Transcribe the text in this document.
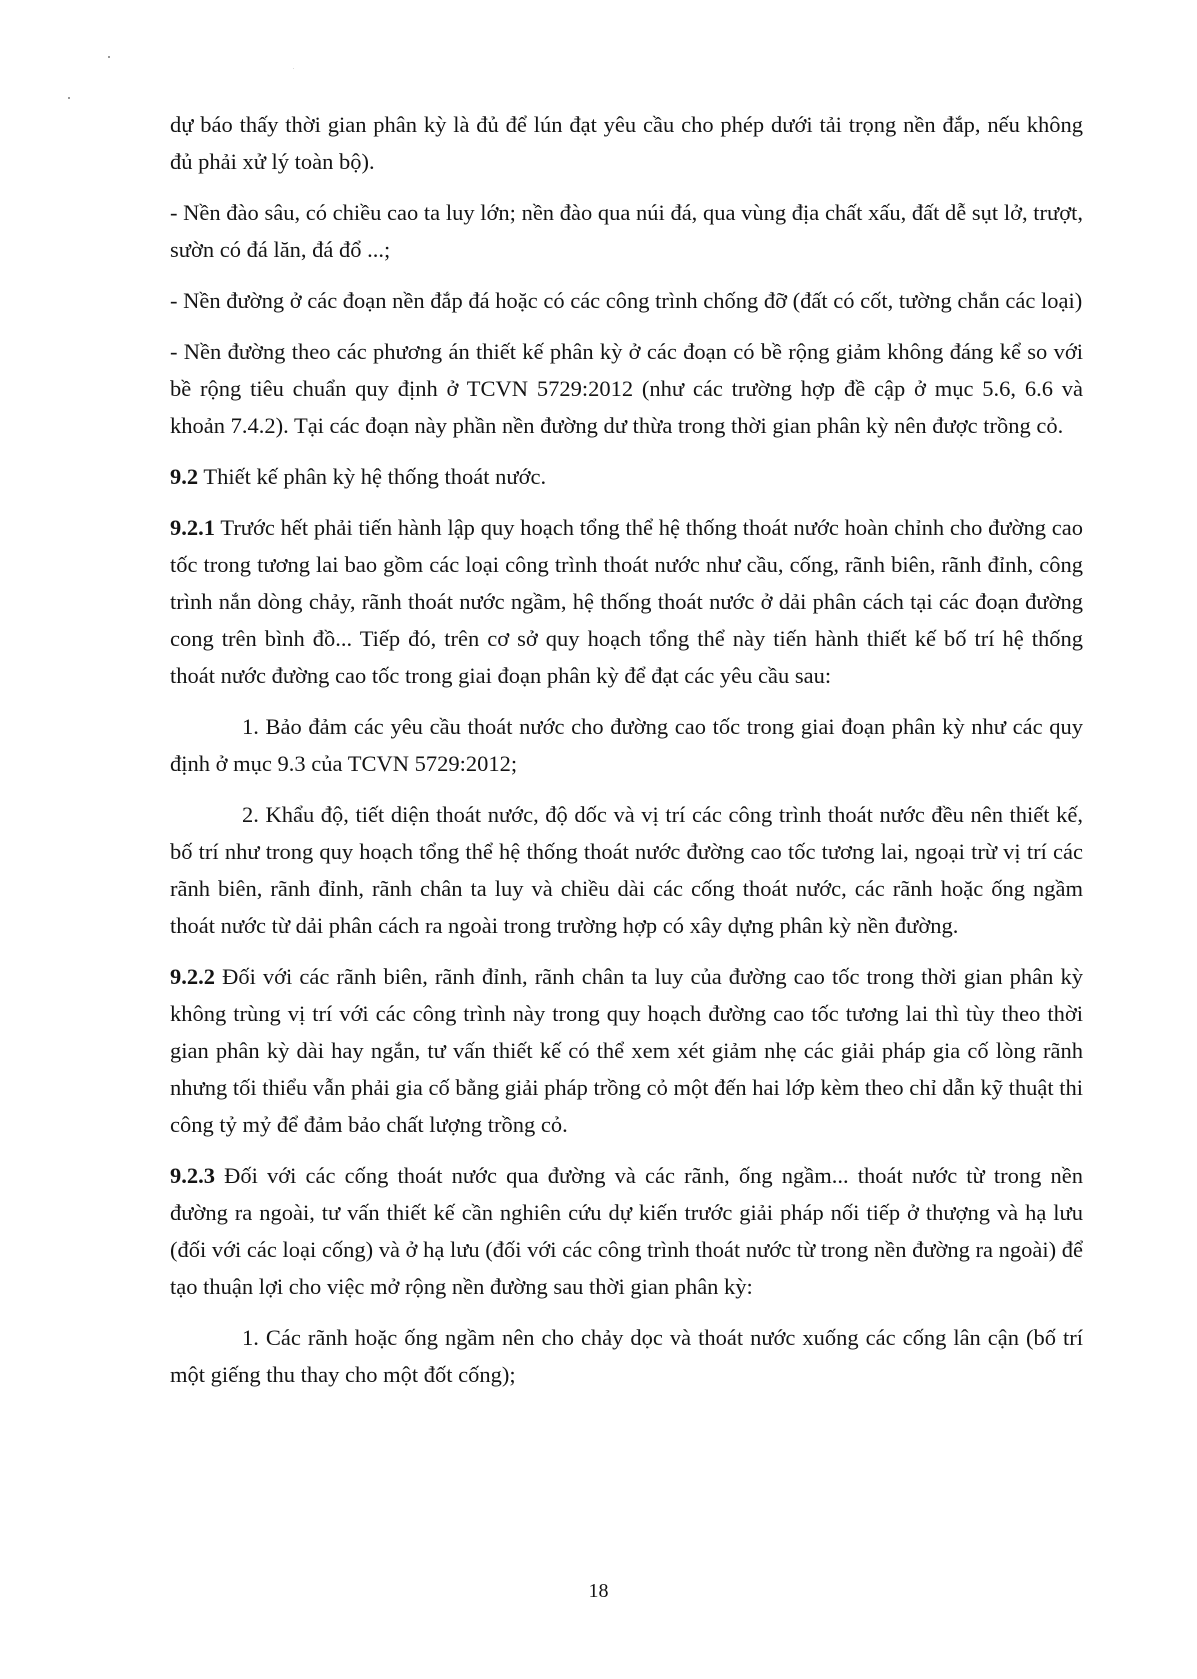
dự báo thấy thời gian phân kỳ là đủ để lún đạt yêu cầu cho phép dưới tải trọng nền đắp, nếu không đủ phải xử lý toàn bộ).

- Nền đào sâu, có chiều cao ta luy lớn; nền đào qua núi đá, qua vùng địa chất xấu, đất dễ sụt lở, trượt, sườn có đá lăn, đá đổ ...;

- Nền đường ở các đoạn nền đắp đá hoặc có các công trình chống đỡ (đất có cốt, tường chắn các loại)

- Nền đường theo các phương án thiết kế phân kỳ ở các đoạn có bề rộng giảm không đáng kể so với bề rộng tiêu chuẩn quy định ở TCVN 5729:2012 (như các trường hợp đề cập ở mục 5.6, 6.6 và khoản 7.4.2). Tại các đoạn này phần nền đường dư thừa trong thời gian phân kỳ nên được trồng cỏ.

9.2 Thiết kế phân kỳ hệ thống thoát nước.

9.2.1 Trước hết phải tiến hành lập quy hoạch tổng thể hệ thống thoát nước hoàn chỉnh cho đường cao tốc trong tương lai bao gồm các loại công trình thoát nước như cầu, cống, rãnh biên, rãnh đỉnh, công trình nắn dòng chảy, rãnh thoát nước ngầm, hệ thống thoát nước ở dải phân cách tại các đoạn đường cong trên bình đồ... Tiếp đó, trên cơ sở quy hoạch tổng thể này tiến hành thiết kế bố trí hệ thống thoát nước đường cao tốc trong giai đoạn phân kỳ để đạt các yêu cầu sau:

1. Bảo đảm các yêu cầu thoát nước cho đường cao tốc trong giai đoạn phân kỳ như các quy định ở mục 9.3 của TCVN 5729:2012;

2. Khẩu độ, tiết diện thoát nước, độ dốc và vị trí các công trình thoát nước đều nên thiết kế, bố trí như trong quy hoạch tổng thể hệ thống thoát nước đường cao tốc tương lai, ngoại trừ vị trí các rãnh biên, rãnh đỉnh, rãnh chân ta luy và chiều dài các cống thoát nước, các rãnh hoặc ống ngầm thoát nước từ dải phân cách ra ngoài trong trường hợp có xây dựng phân kỳ nền đường.

9.2.2 Đối với các rãnh biên, rãnh đỉnh, rãnh chân ta luy của đường cao tốc trong thời gian phân kỳ không trùng vị trí với các công trình này trong quy hoạch đường cao tốc tương lai thì tùy theo thời gian phân kỳ dài hay ngắn, tư vấn thiết kế có thể xem xét giảm nhẹ các giải pháp gia cố lòng rãnh nhưng tối thiểu vẫn phải gia cố bằng giải pháp trồng cỏ một đến hai lớp kèm theo chỉ dẫn kỹ thuật thi công tỷ mỷ để đảm bảo chất lượng trồng cỏ.

9.2.3 Đối với các cống thoát nước qua đường và các rãnh, ống ngầm... thoát nước từ trong nền đường ra ngoài, tư vấn thiết kế cần nghiên cứu dự kiến trước giải pháp nối tiếp ở thượng và hạ lưu (đối với các loại cống) và ở hạ lưu (đối với các công trình thoát nước từ trong nền đường ra ngoài) để tạo thuận lợi cho việc mở rộng nền đường sau thời gian phân kỳ:

1. Các rãnh hoặc ống ngầm nên cho chảy dọc và thoát nước xuống các cống lân cận (bố trí một giếng thu thay cho một đốt cống);

18
